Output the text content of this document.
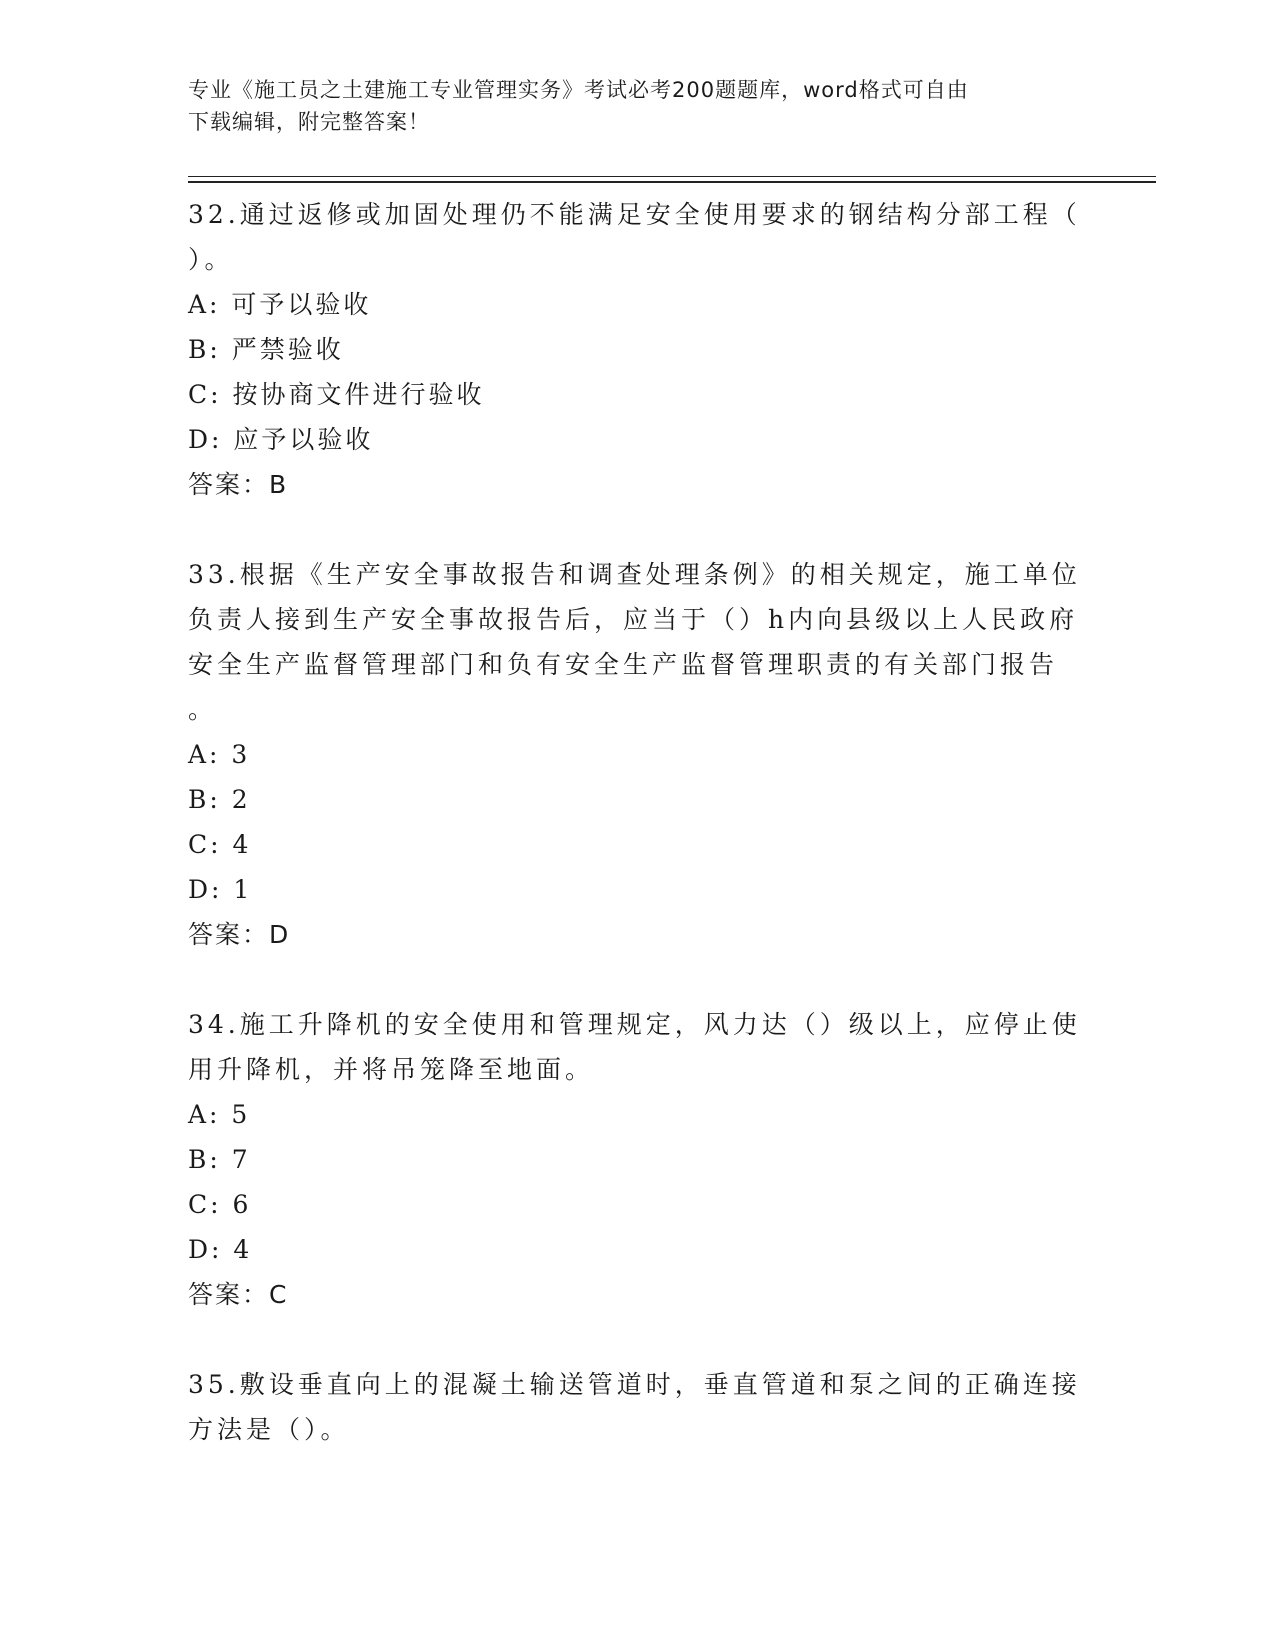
专业《施工员之土建施工专业管理实务》考试必考200题题库，word格式可自由
下载编辑，附完整答案！

32.通过返修或加固处理仍不能满足安全使用要求的钢结构分部工程（

）。

A: 可予以验收

B: 严禁验收

C: 按协商文件进行验收

D: 应予以验收

答案：B

33.根据《生产安全事故报告和调查处理条例》的相关规定，施工单位

负责人接到生产安全事故报告后，应当于（）h内向县级以上人民政府

安全生产监督管理部门和负有安全生产监督管理职责的有关部门报告

。

A: 3

B: 2

C: 4

D: 1

答案：D

34.施工升降机的安全使用和管理规定，风力达（）级以上，应停止使

用升降机，并将吊笼降至地面。

A: 5

B: 7

C: 6

D: 4

答案：C

35.敷设垂直向上的混凝土输送管道时，垂直管道和泵之间的正确连接

方法是（）。
